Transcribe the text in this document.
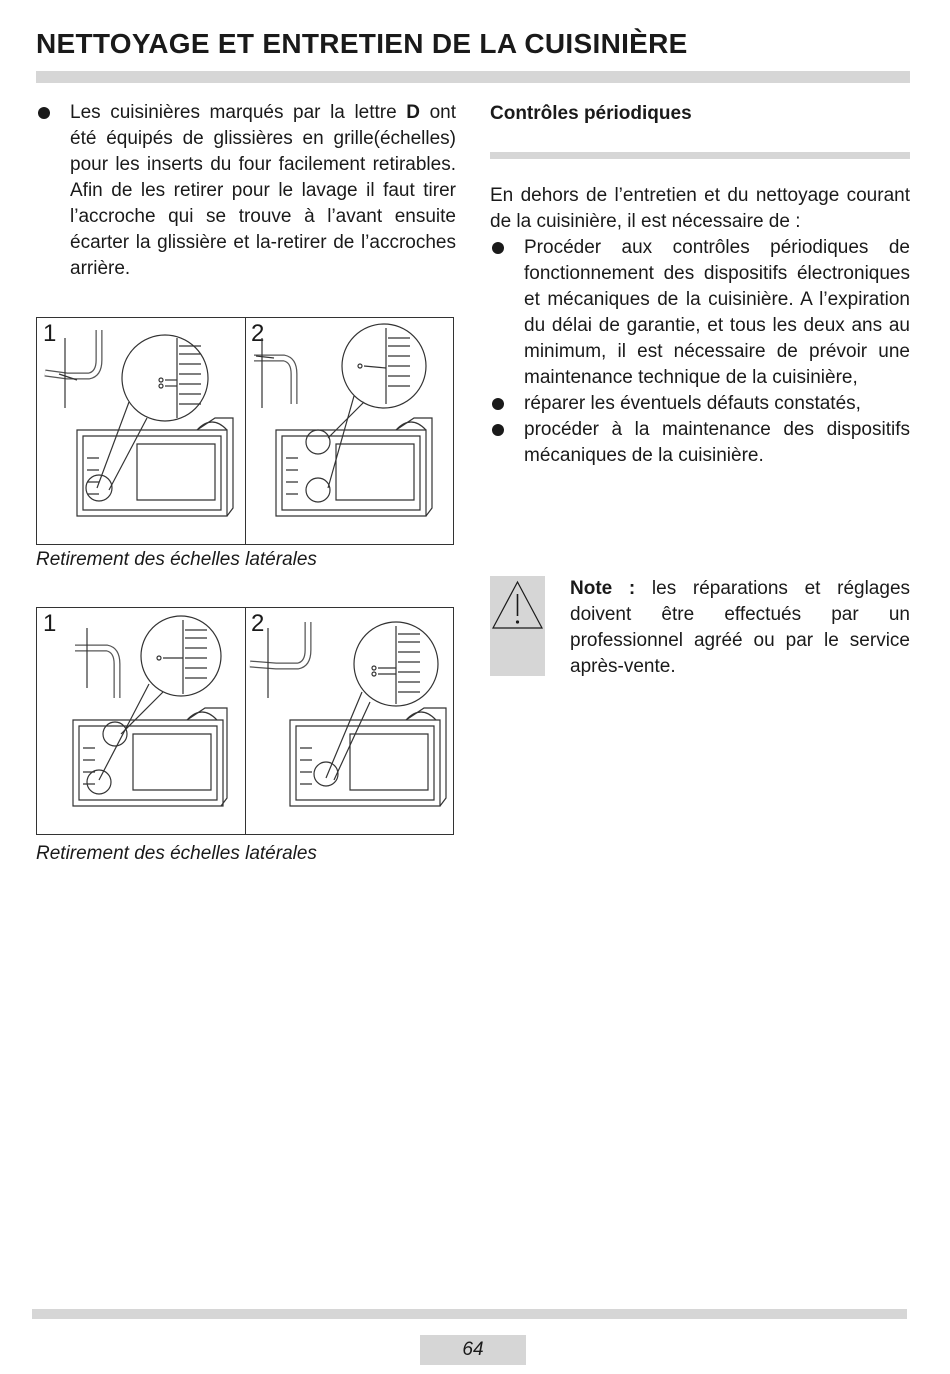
NETTOYAGE ET ENTRETIEN DE LA CUISINIÈRE
Les cuisinières marqués par la lettre D ont été équipés de glissières en grille(échelles) pour les inserts du four facilement retirables. Afin de les retirer pour le lavage il faut tirer l’accroche qui se trouve à l’avant ensuite écarter la glissière et la-retirer de l’accroches arrière.
1	2
Retirement des échelles latérales
1	2
Retirement des échelles latérales
Contrôles périodiques
En dehors de l’entretien et du nettoyage courant de la cuisinière, il est nécessaire de :
Procéder aux contrôles périodiques de fonctionnement des dispositifs électroniques et mécaniques de la cuisinière. A l’expiration du délai de garantie, et tous les deux ans au minimum, il est nécessaire de prévoir une maintenance technique de la cuisinière,
réparer les éventuels défauts constatés,
procéder à la maintenance des dispositifs mécaniques de la cuisinière.
Note : les réparations et réglages doivent être effectués par un professionnel agréé ou par le service après-vente.
64
